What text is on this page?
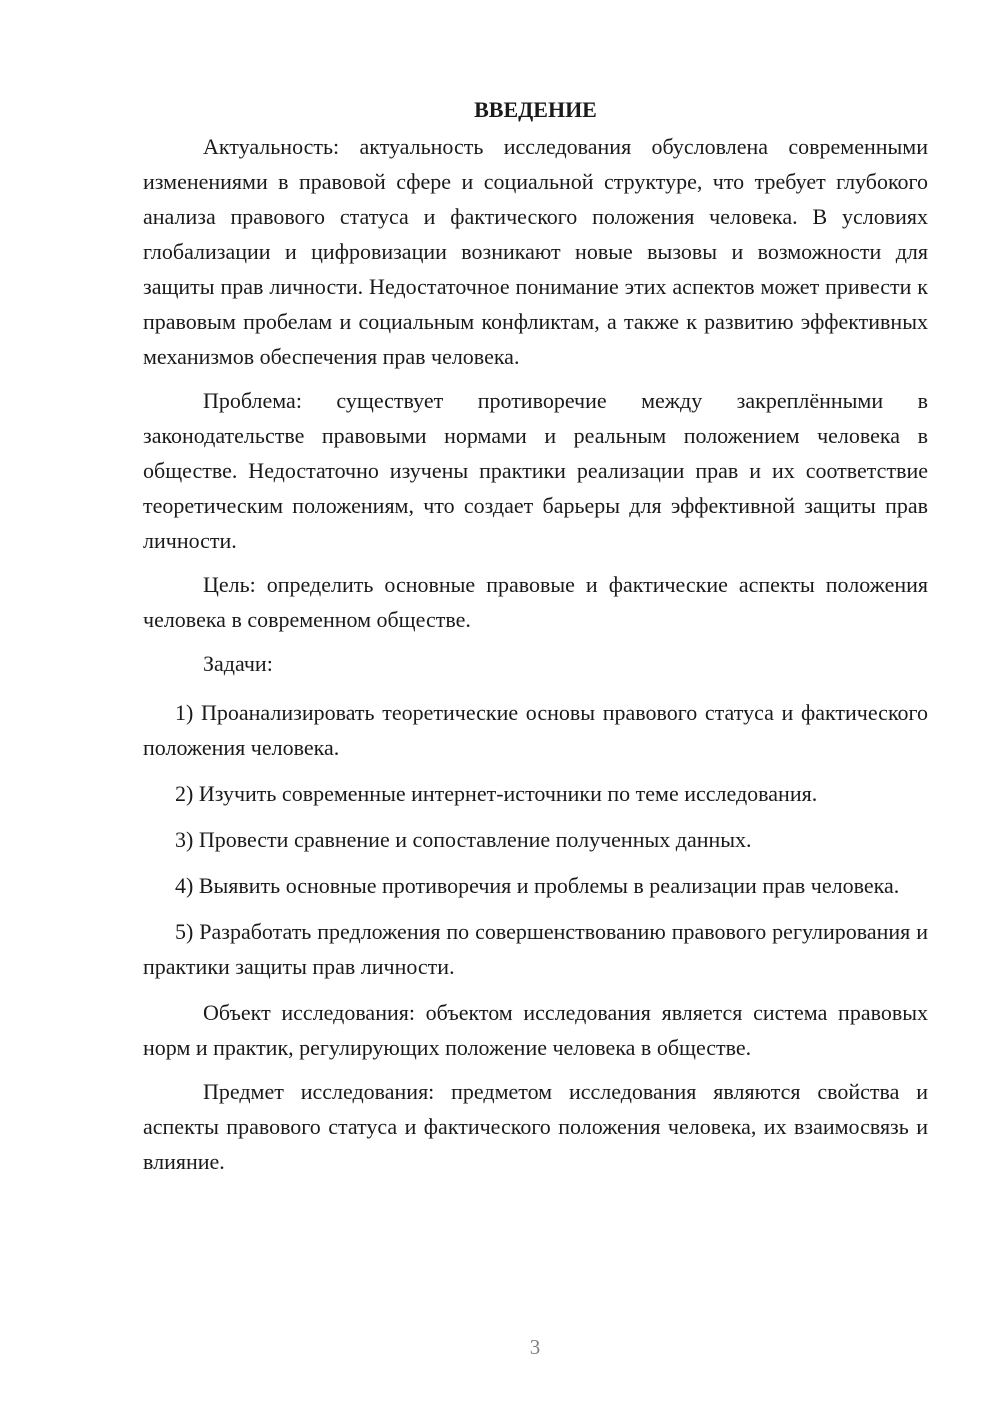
ВВЕДЕНИЕ

Актуальность: актуальность исследования обусловлена современными изменениями в правовой сфере и социальной структуре, что требует глубокого анализа правового статуса и фактического положения человека. В условиях глобализации и цифровизации возникают новые вызовы и возможности для защиты прав личности. Недостаточное понимание этих аспектов может привести к правовым пробелам и социальным конфликтам, а также к развитию эффективных механизмов обеспечения прав человека.

Проблема: существует противоречие между закреплёнными в законодательстве правовыми нормами и реальным положением человека в обществе. Недостаточно изучены практики реализации прав и их соответствие теоретическим положениям, что создает барьеры для эффективной защиты прав личности.

Цель: определить основные правовые и фактические аспекты положения человека в современном обществе.

Задачи:

1) Проанализировать теоретические основы правового статуса и фактического положения человека.

2) Изучить современные интернет-источники по теме исследования.

3) Провести сравнение и сопоставление полученных данных.

4) Выявить основные противоречия и проблемы в реализации прав человека.

5) Разработать предложения по совершенствованию правового регулирования и практики защиты прав личности.

Объект исследования: объектом исследования является система правовых норм и практик, регулирующих положение человека в обществе.

Предмет исследования: предметом исследования являются свойства и аспекты правового статуса и фактического положения человека, их взаимосвязь и влияние.

3
